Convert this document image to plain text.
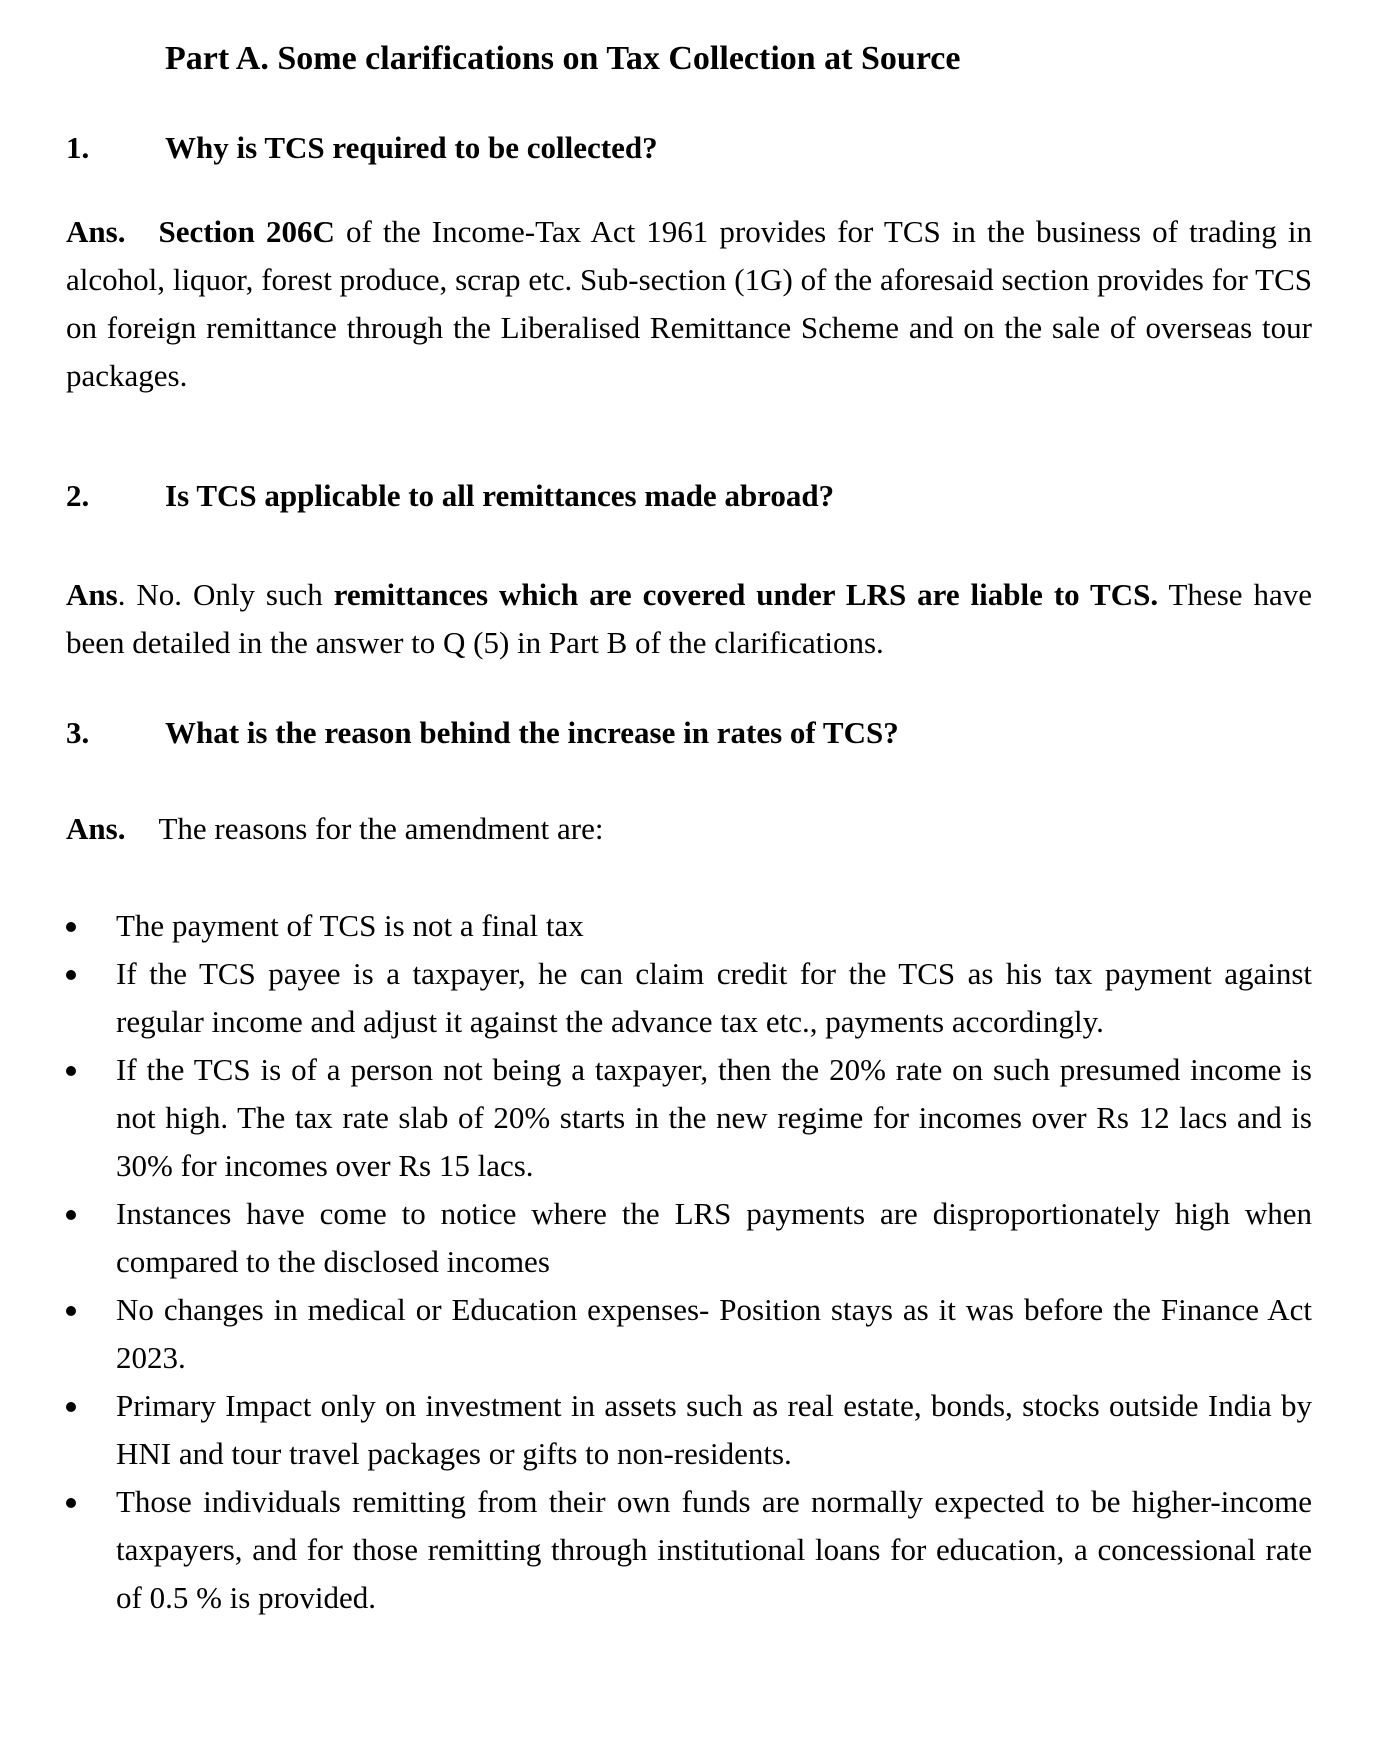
Part A. Some clarifications on Tax Collection at Source
1. Why is TCS required to be collected?
Ans. Section 206C of the Income-Tax Act 1961 provides for TCS in the business of trading in alcohol, liquor, forest produce, scrap etc. Sub-section (1G) of the aforesaid section provides for TCS on foreign remittance through the Liberalised Remittance Scheme and on the sale of overseas tour packages.
2. Is TCS applicable to all remittances made abroad?
Ans. No. Only such remittances which are covered under LRS are liable to TCS. These have been detailed in the answer to Q (5) in Part B of the clarifications.
3. What is the reason behind the increase in rates of TCS?
Ans. The reasons for the amendment are:
The payment of TCS is not a final tax
If the TCS payee is a taxpayer, he can claim credit for the TCS as his tax payment against regular income and adjust it against the advance tax etc., payments accordingly.
If the TCS is of a person not being a taxpayer, then the 20% rate on such presumed income is not high. The tax rate slab of 20% starts in the new regime for incomes over Rs 12 lacs and is 30% for incomes over Rs 15 lacs.
Instances have come to notice where the LRS payments are disproportionately high when compared to the disclosed incomes
No changes in medical or Education expenses- Position stays as it was before the Finance Act 2023.
Primary Impact only on investment in assets such as real estate, bonds, stocks outside India by HNI and tour travel packages or gifts to non-residents.
Those individuals remitting from their own funds are normally expected to be higher-income taxpayers, and for those remitting through institutional loans for education, a concessional rate of 0.5 % is provided.
